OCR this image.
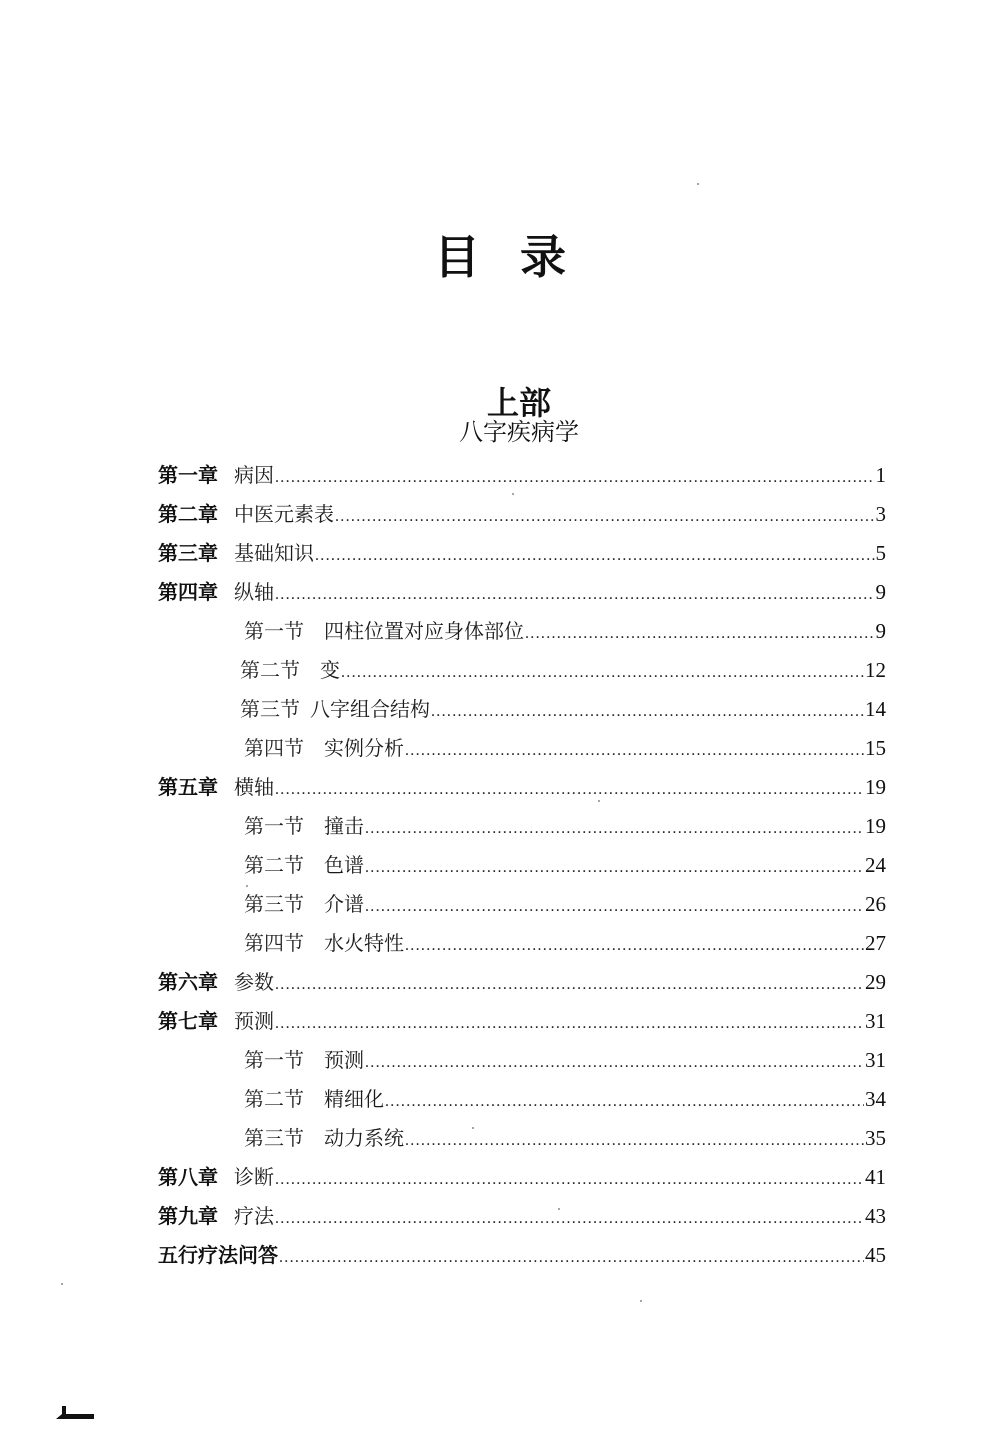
目录
上部
八字疾病学
第一章 病因 .....	1
第二章 中医元素表 .....	3
第三章 基础知识 .....	5
第四章 纵轴 .....	9
第一节 四柱位置对应身体部位 .....	9
第二节 变 .....	12
第三节 八字组合结构 .....	14
第四节 实例分析 .....	15
第五章 横轴 .....	19
第一节 撞击 .....	19
第二节 色谱 .....	24
第三节 介谱 .....	26
第四节 水火特性 .....	27
第六章 参数 .....	29
第七章 预测 .....	31
第一节 预测 .....	31
第二节 精细化 .....	34
第三节 动力系统 .....	35
第八章 诊断 .....	41
第九章 疗法 .....	43
五行疗法问答 .....	45
